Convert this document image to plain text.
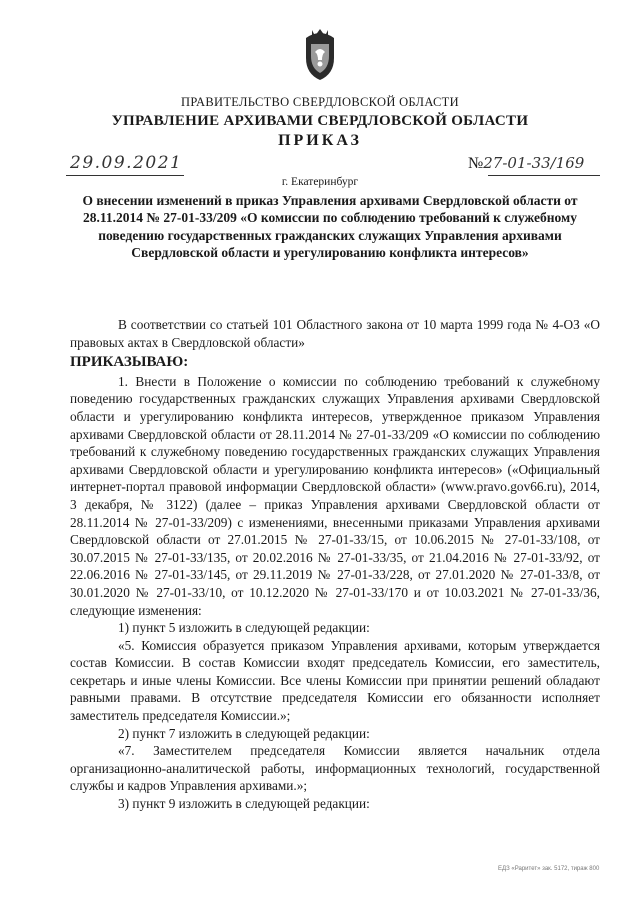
ПРАВИТЕЛЬСТВО СВЕРДЛОВСКОЙ ОБЛАСТИ
УПРАВЛЕНИЕ АРХИВАМИ СВЕРДЛОВСКОЙ ОБЛАСТИ
ПРИКАЗ
29.09.2021	№27-01-33/169
г. Екатеринбург
О внесении изменений в приказ Управления архивами Свердловской области от 28.11.2014 № 27-01-33/209 «О комиссии по соблюдению требований к служебному поведению государственных гражданских служащих Управления архивами Свердловской области и урегулированию конфликта интересов»

В соответствии со статьей 101 Областного закона от 10 марта 1999 года № 4-ОЗ «О правовых актах в Свердловской области»

ПРИКАЗЫВАЮ:

1. Внести в Положение о комиссии по соблюдению требований к служебному поведению государственных гражданских служащих Управления архивами Свердловской области и урегулированию конфликта интересов, утвержденное приказом Управления архивами Свердловской области от 28.11.2014 № 27-01-33/209 «О комиссии по соблюдению требований к служебному поведению государственных гражданских служащих Управления архивами Свердловской области и урегулированию конфликта интересов» («Официальный интернет-портал правовой информации Свердловской области» (www.pravo.gov66.ru), 2014, 3 декабря, № 3122) (далее – приказ Управления архивами Свердловской области от 28.11.2014 № 27-01-33/209) с изменениями, внесенными приказами Управления архивами Свердловской области от 27.01.2015 № 27-01-33/15, от 10.06.2015 № 27-01-33/108, от 30.07.2015 № 27-01-33/135, от 20.02.2016 № 27-01-33/35, от 21.04.2016 № 27-01-33/92, от 22.06.2016 № 27-01-33/145, от 29.11.2019 № 27-01-33/228, от 27.01.2020 № 27-01-33/8, от 30.01.2020 № 27-01-33/10, от 10.12.2020 № 27-01-33/170 и от 10.03.2021 № 27-01-33/36, следующие изменения:

1) пункт 5 изложить в следующей редакции:

«5. Комиссия образуется приказом Управления архивами, которым утверждается состав Комиссии. В состав Комиссии входят председатель Комиссии, его заместитель, секретарь и иные члены Комиссии. Все члены Комиссии при принятии решений обладают равными правами. В отсутствие председателя Комиссии его обязанности исполняет заместитель председателя Комиссии.»;

2) пункт 7 изложить в следующей редакции:

«7. Заместителем председателя Комиссии является начальник отдела организационно-аналитической работы, информационных технологий, государственной службы и кадров Управления архивами.»;

3) пункт 9 изложить в следующей редакции:

ЕДЗ «Раритет» зак. 5172, тираж 800
